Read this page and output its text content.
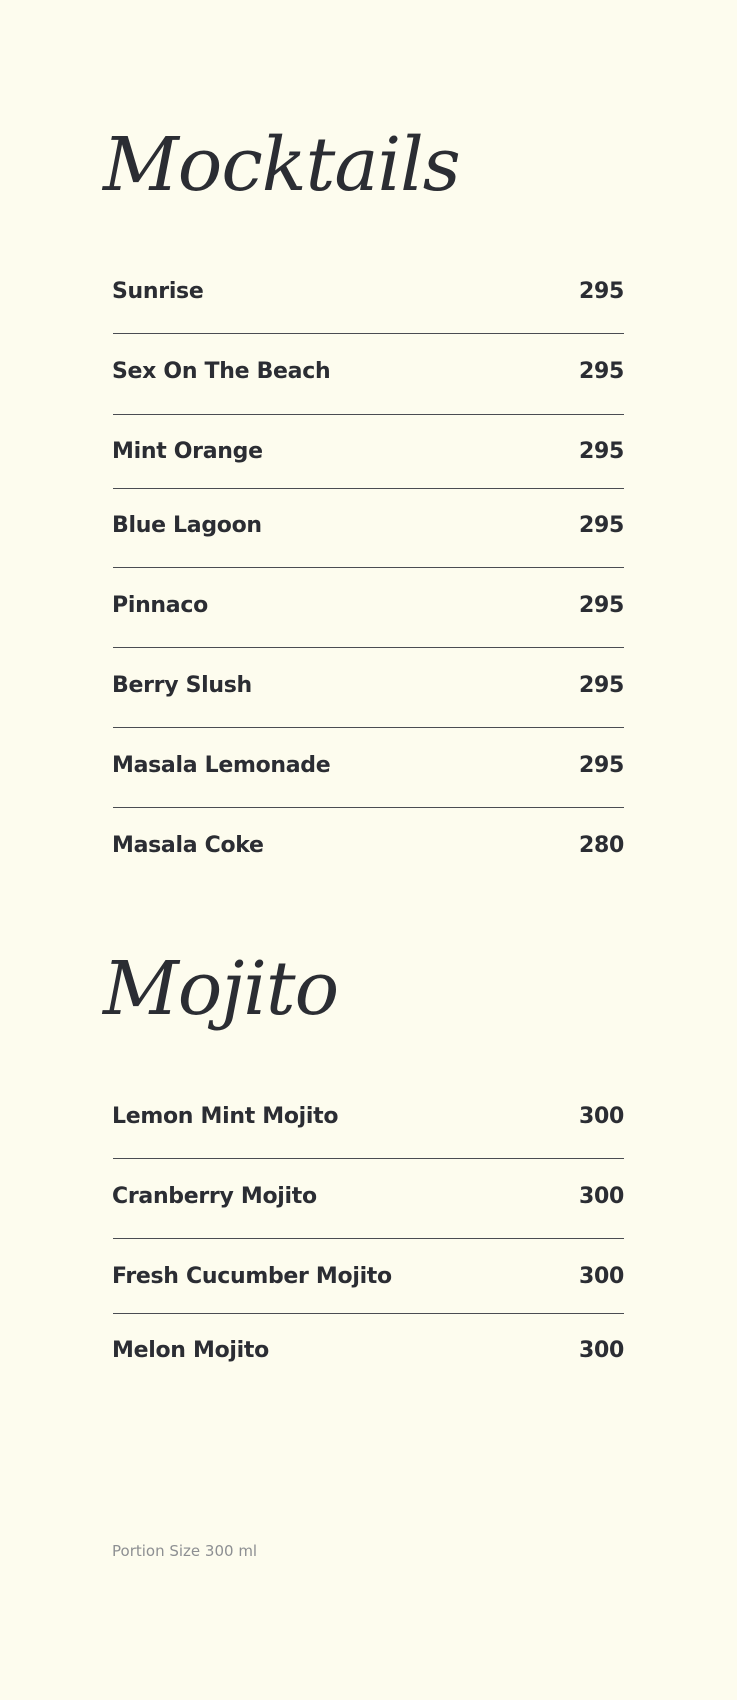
Mocktails
Sunrise	295
Sex On The Beach	295
Mint Orange	295
Blue Lagoon	295
Pinnaco	295
Berry Slush	295
Masala Lemonade	295
Masala Coke	280
Mojito
Lemon Mint Mojito	300
Cranberry Mojito	300
Fresh Cucumber Mojito	300
Melon Mojito	300
Portion Size 300 ml
